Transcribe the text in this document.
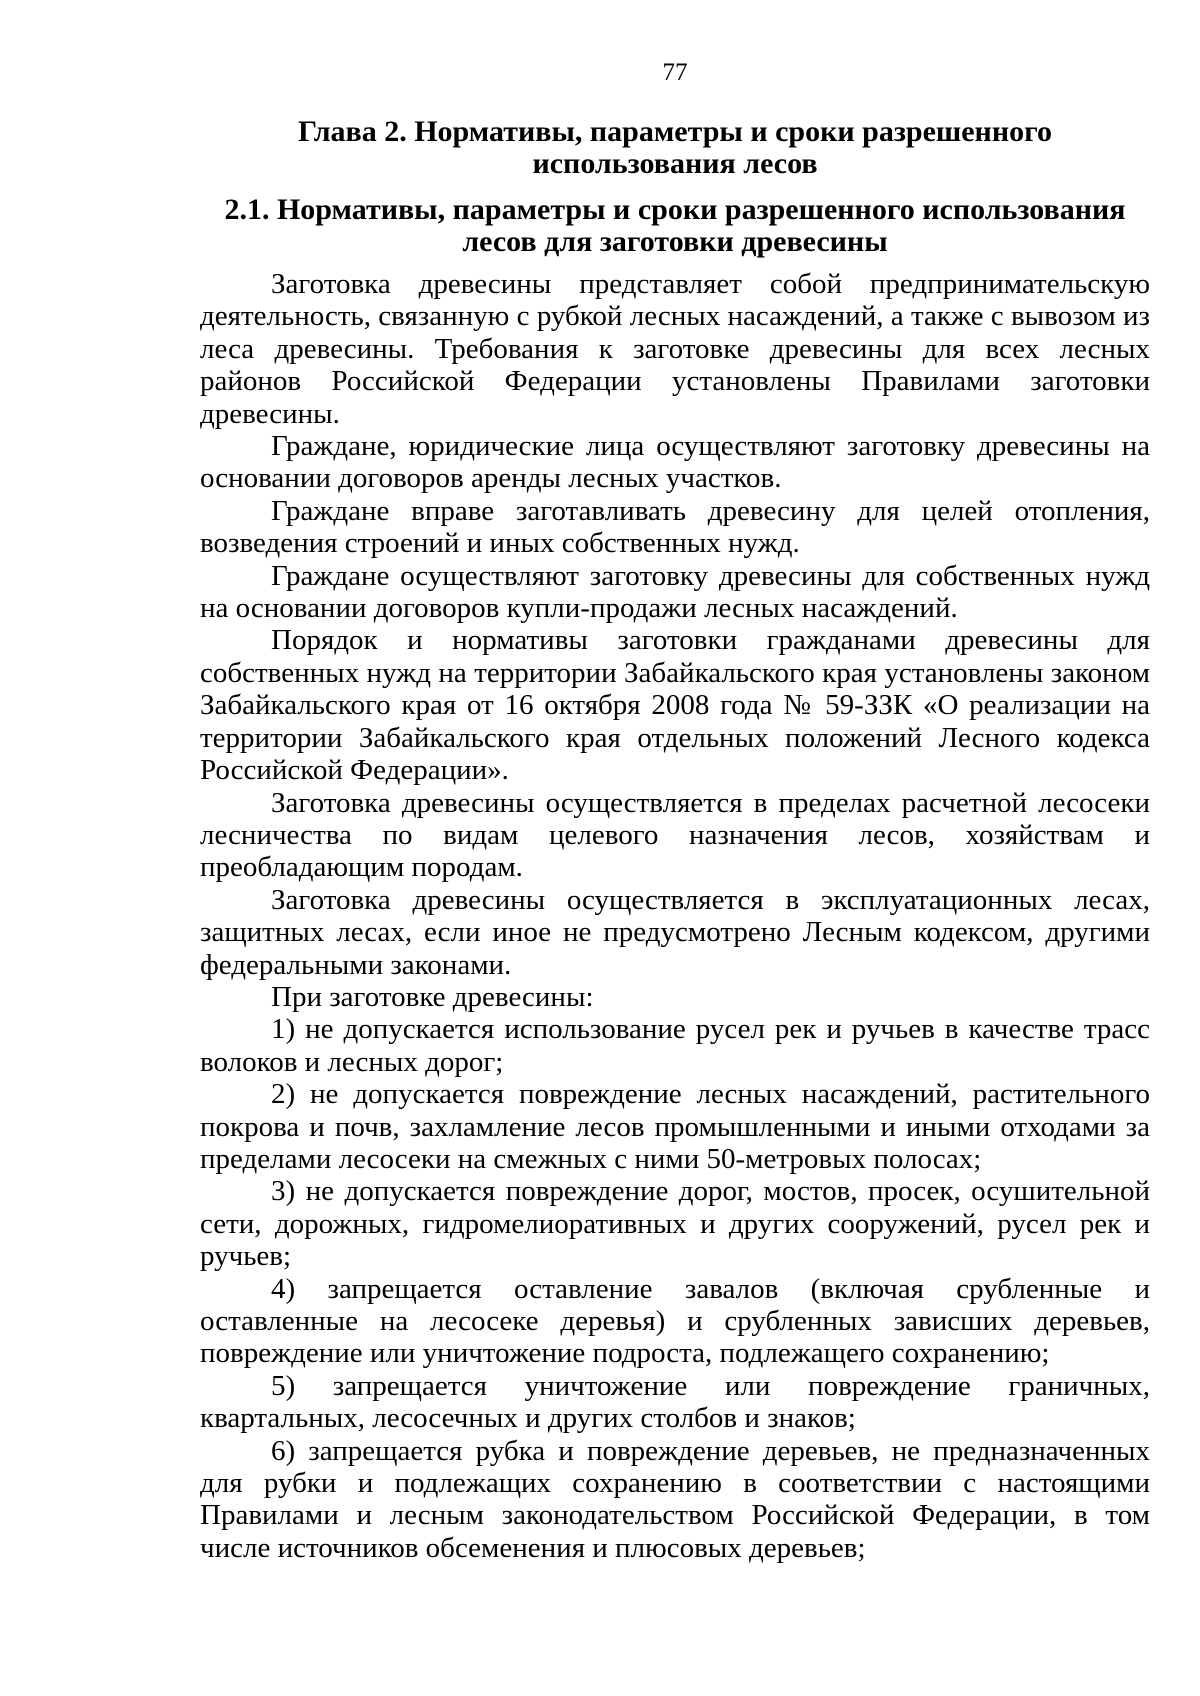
77
Глава 2. Нормативы, параметры и сроки разрешенного использования лесов
2.1. Нормативы, параметры и сроки разрешенного использования лесов для заготовки древесины

Заготовка древесины представляет собой предпринимательскую деятельность, связанную с рубкой лесных насаждений, а также с вывозом из леса древесины. Требования к заготовке древесины для всех лесных районов Российской Федерации установлены Правилами заготовки древесины.

Граждане, юридические лица осуществляют заготовку древесины на основании договоров аренды лесных участков.

Граждане вправе заготавливать древесину для целей отопления, возведения строений и иных собственных нужд.

Граждане осуществляют заготовку древесины для собственных нужд на основании договоров купли-продажи лесных насаждений.

Порядок и нормативы заготовки гражданами древесины для собственных нужд на территории Забайкальского края установлены законом Забайкальского края от 16 октября 2008 года № 59-ЗЗК «О реализации на территории Забайкальского края отдельных положений Лесного кодекса Российской Федерации».

Заготовка древесины осуществляется в пределах расчетной лесосеки лесничества по видам целевого назначения лесов, хозяйствам и преобладающим породам.

Заготовка древесины осуществляется в эксплуатационных лесах, защитных лесах, если иное не предусмотрено Лесным кодексом, другими федеральными законами.

При заготовке древесины:

1) не допускается использование русел рек и ручьев в качестве трасс волоков и лесных дорог;

2) не допускается повреждение лесных насаждений, растительного покрова и почв, захламление лесов промышленными и иными отходами за пределами лесосеки на смежных с ними 50-метровых полосах;

3) не допускается повреждение дорог, мостов, просек, осушительной сети, дорожных, гидромелиоративных и других сооружений, русел рек и ручьев;

4) запрещается оставление завалов (включая срубленные и оставленные на лесосеке деревья) и срубленных зависших деревьев, повреждение или уничтожение подроста, подлежащего сохранению;

5) запрещается уничтожение или повреждение граничных, квартальных, лесосечных и других столбов и знаков;

6) запрещается рубка и повреждение деревьев, не предназначенных для рубки и подлежащих сохранению в соответствии с настоящими Правилами и лесным законодательством Российской Федерации, в том числе источников обсеменения и плюсовых деревьев;
